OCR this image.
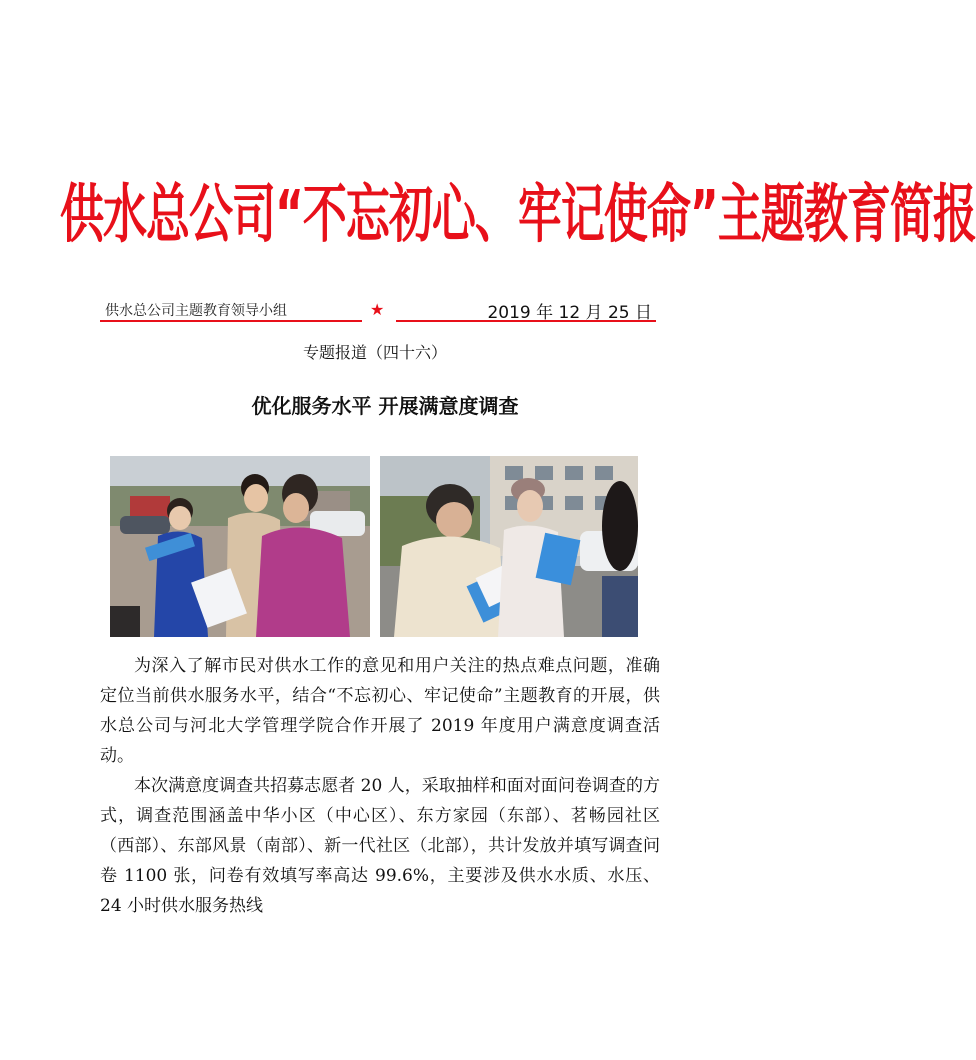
供水总公司“不忘初心、牢记使命”主题教育简报
供水总公司主题教育领导小组	★	2019 年 12 月 25 日
专题报道（四十六）
优化服务水平 开展满意度调查

为深入了解市民对供水工作的意见和用户关注的热点难点问题，准确定位当前供水服务水平，结合“不忘初心、牢记使命”主题教育的开展，供水总公司与河北大学管理学院合作开展了 2019 年度用户满意度调查活动。

本次满意度调查共招募志愿者 20 人，采取抽样和面对面问卷调查的方式，调查范围涵盖中华小区（中心区）、东方家园（东部）、茗畅园社区（西部）、东部风景（南部）、新一代社区（北部），共计发放并填写调查问卷 1100 张，问卷有效填写率高达 99.6%，主要涉及供水水质、水压、24 小时供水服务热线
